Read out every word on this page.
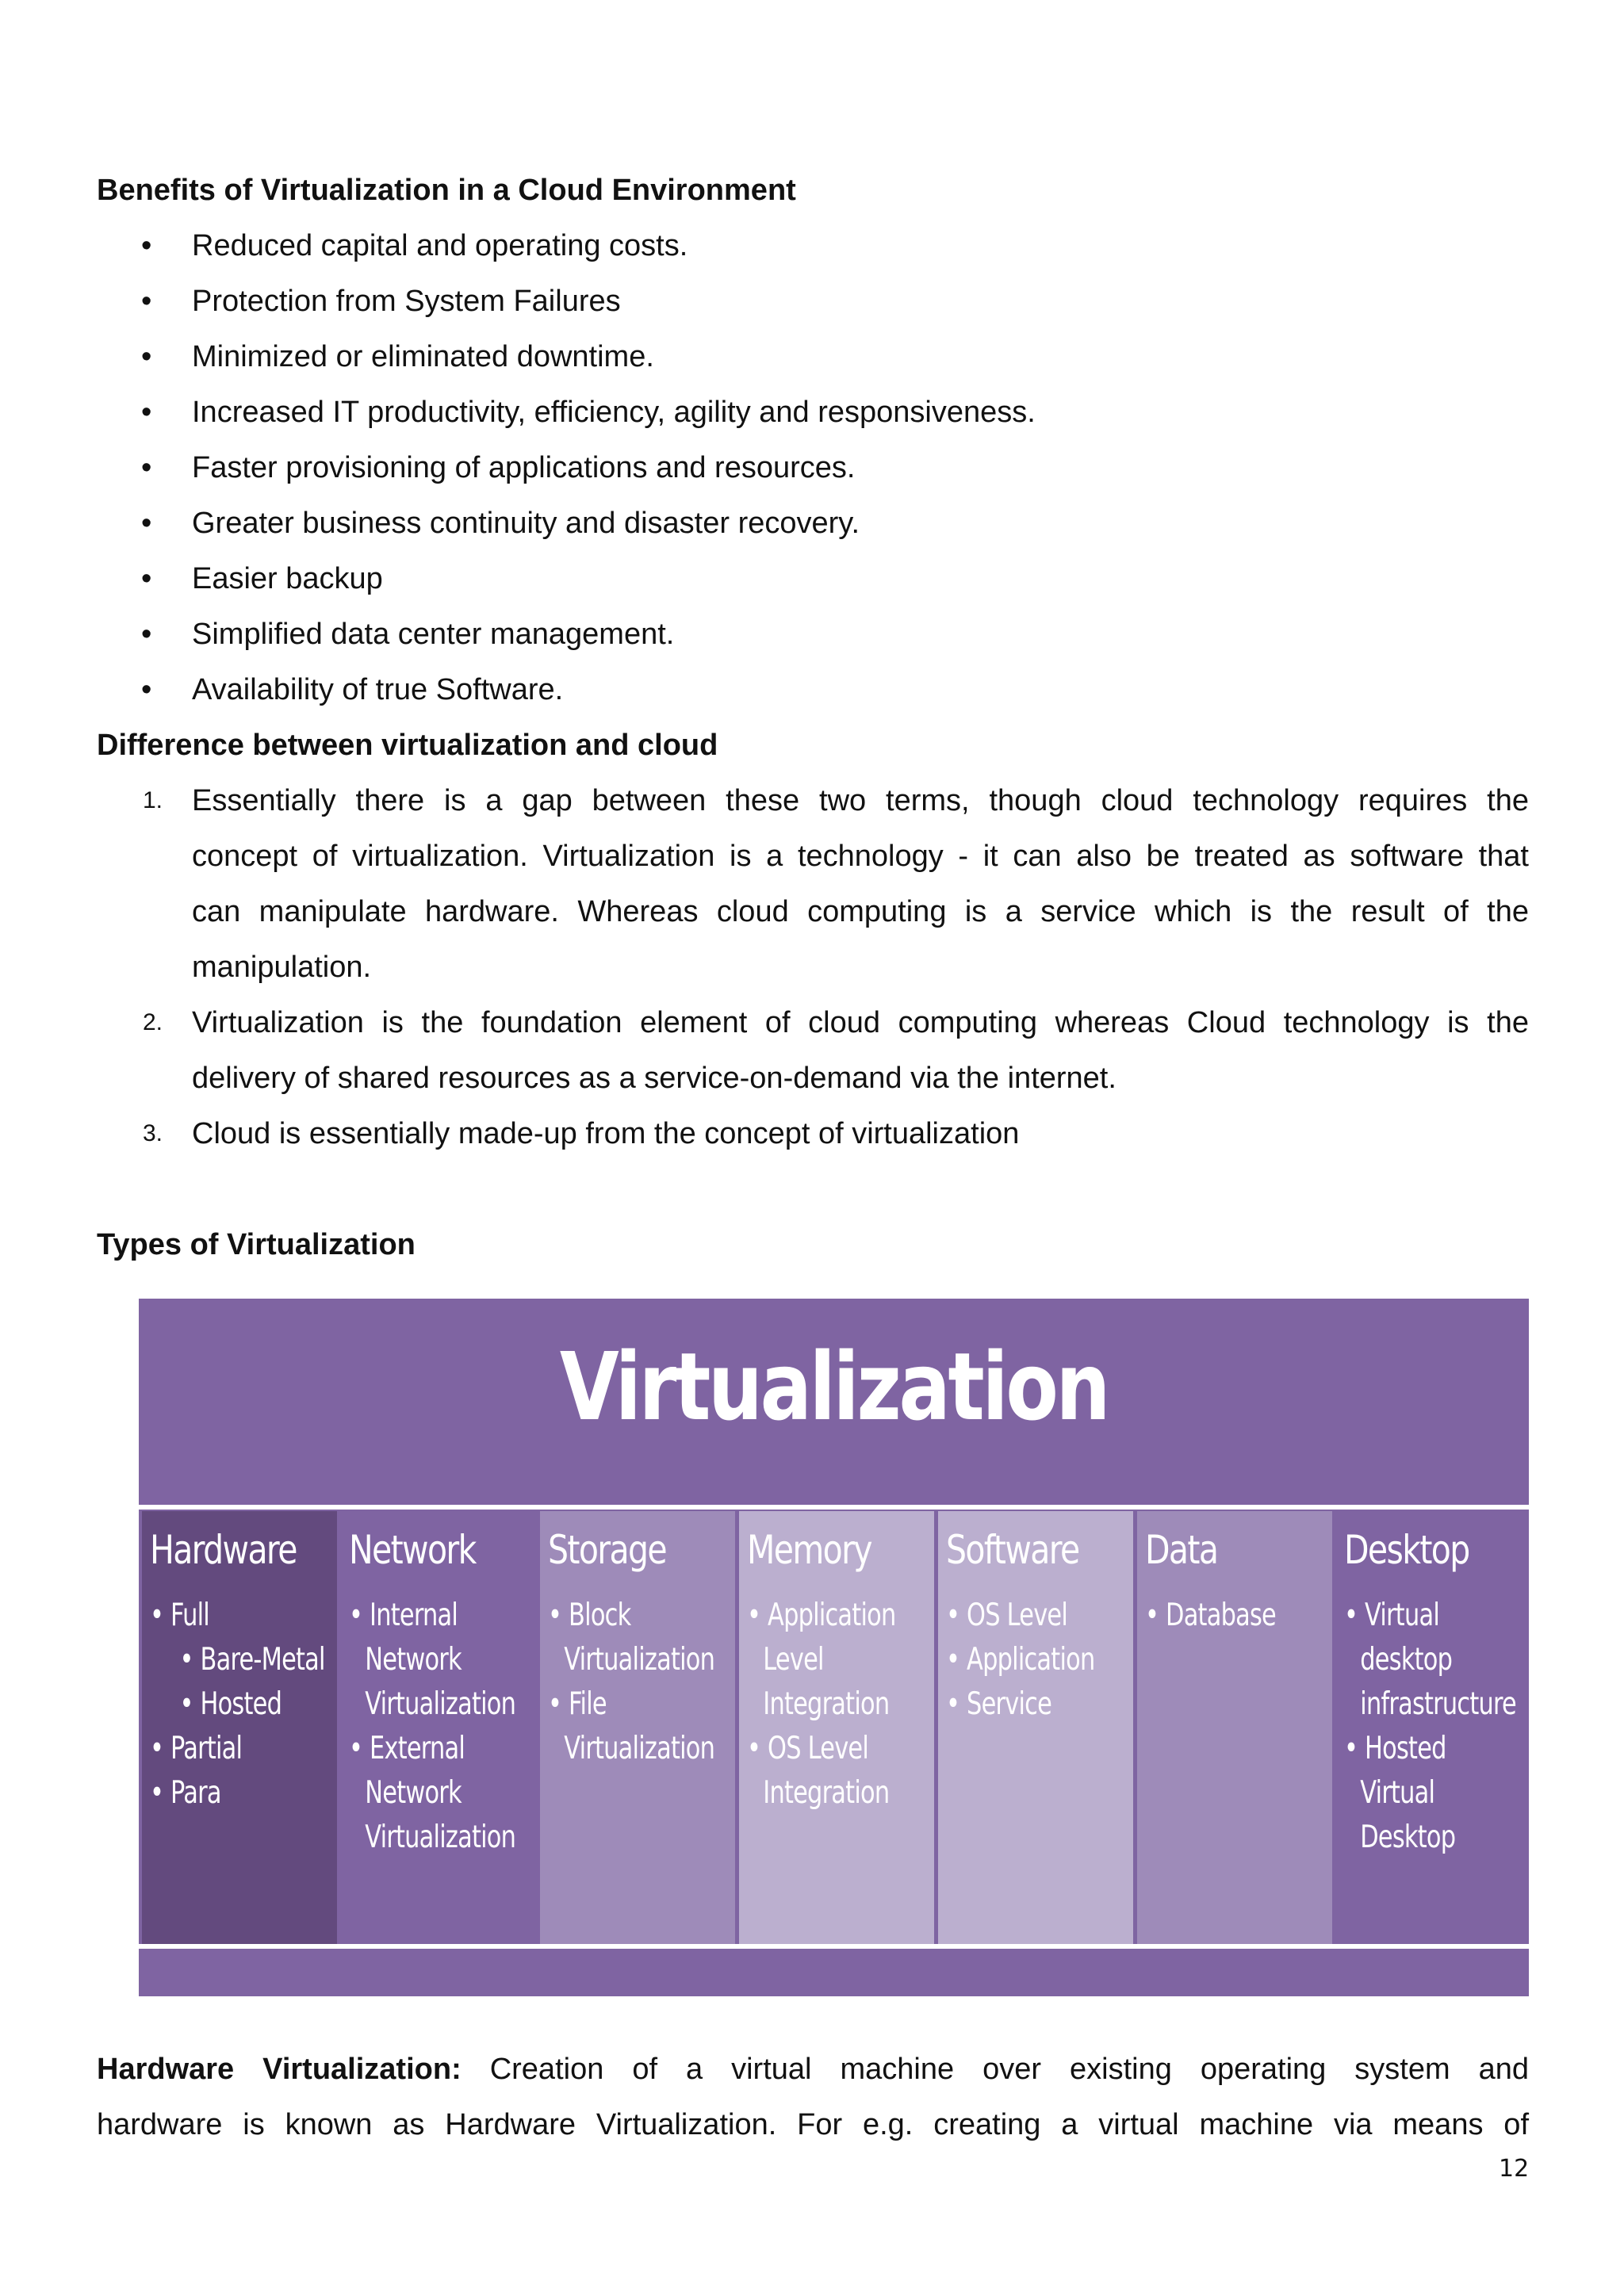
Benefits of Virtualization in a Cloud Environment
• Reduced capital and operating costs.
• Protection from System Failures
• Minimized or eliminated downtime.
• Increased IT productivity, efficiency, agility and responsiveness.
• Faster provisioning of applications and resources.
• Greater business continuity and disaster recovery.
• Easier backup
• Simplified data center management.
• Availability of true Software.
Difference between virtualization and cloud
1. Essentially there is a gap between these two terms, though cloud technology requires the
concept of virtualization. Virtualization is a technology - it can also be treated as software that
can manipulate hardware. Whereas cloud computing is a service which is the result of the
manipulation.
2. Virtualization is the foundation element of cloud computing whereas Cloud technology is the
delivery of shared resources as a service-on-demand via the internet.
3. Cloud is essentially made-up from the concept of virtualization
Types of Virtualization
Virtualization
Hardware
• Full
• Bare-Metal
• Hosted
• Partial
• Para
Network
• Internal
Network
Virtualization
• External
Network
Virtualization
Storage
• Block
Virtualization
• File
Virtualization
Memory
• Application
Level
Integration
• OS Level
Integration
Software
• OS Level
• Application
• Service
Data
• Database
Desktop
• Virtual
desktop
infrastructure
• Hosted
Virtual
Desktop
Hardware Virtualization: Creation of a virtual machine over existing operating system and
hardware is known as Hardware Virtualization. For e.g. creating a virtual machine via means of
12
